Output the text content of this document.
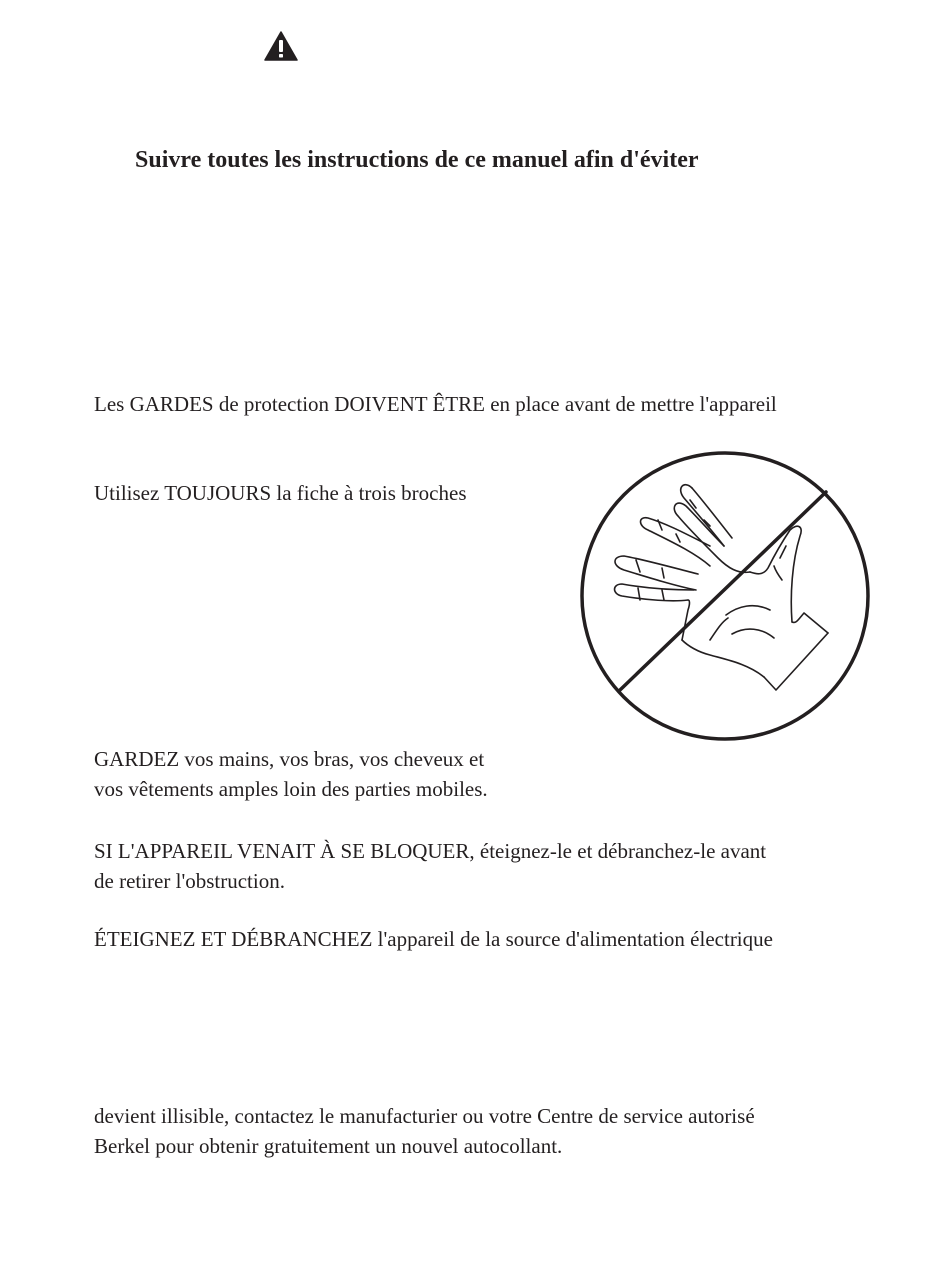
Suivre toutes les instructions de ce manuel afin d'éviter
Les GARDES de protection DOIVENT ÊTRE en place avant de mettre l'appareil
Utilisez TOUJOURS la fiche à trois broches
GARDEZ vos mains, vos bras, vos cheveux et
vos vêtements amples loin des parties mobiles.
SI L'APPAREIL VENAIT À SE BLOQUER, éteignez-le et débranchez-le avant
de retirer l'obstruction.
ÉTEIGNEZ ET DÉBRANCHEZ l'appareil de la source d'alimentation électrique
devient illisible, contactez le manufacturier ou votre Centre de service autorisé
Berkel pour obtenir gratuitement un nouvel autocollant.
